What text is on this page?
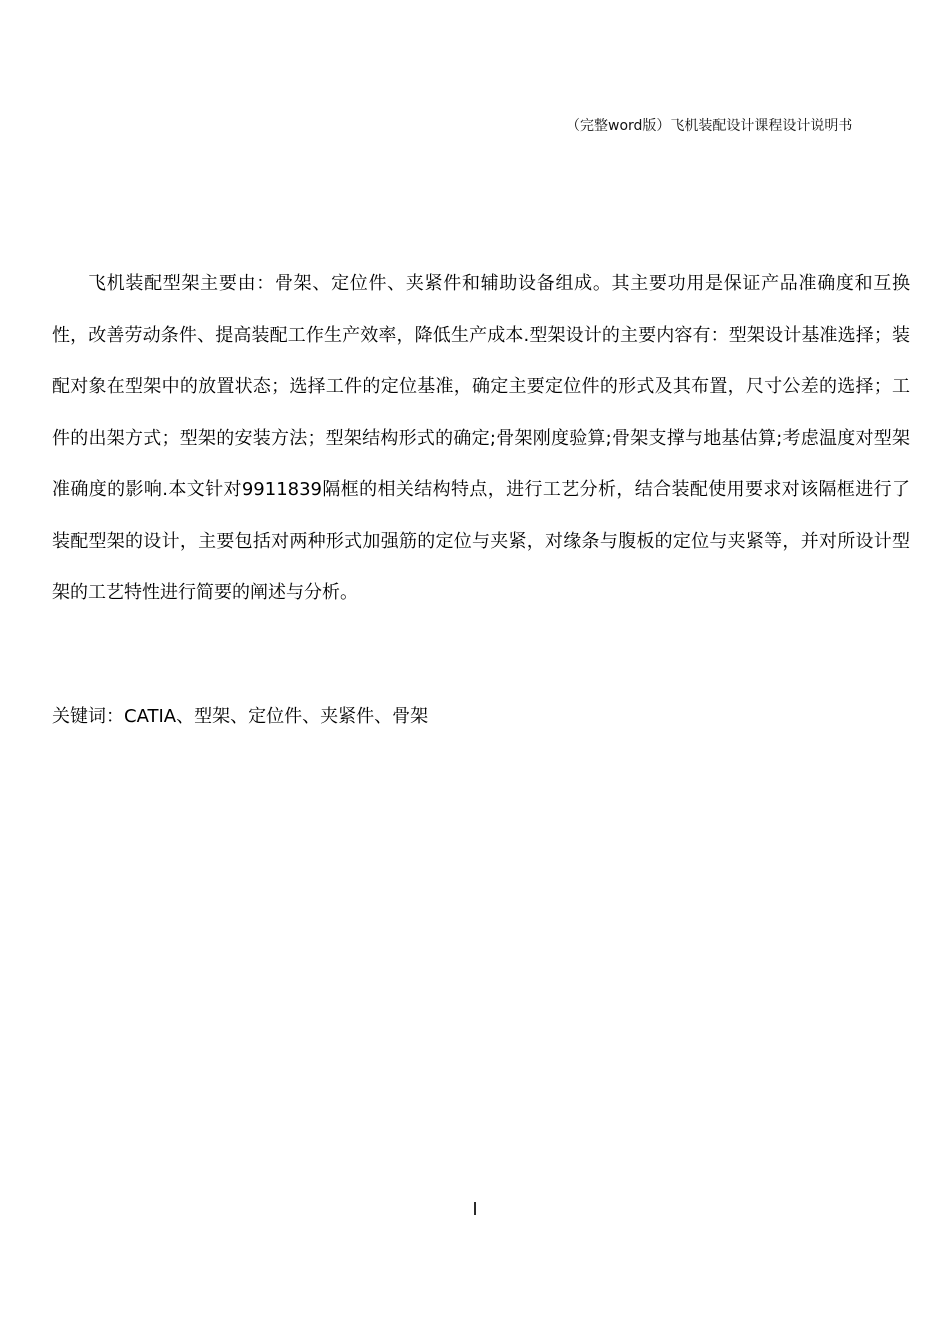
（完整word版）飞机装配设计课程设计说明书

飞机装配型架主要由：骨架、定位件、夹紧件和辅助设备组成。其主要功用是保证产品准确度和互换性，改善劳动条件、提高装配工作生产效率，降低生产成本.型架设计的主要内容有：型架设计基准选择；装配对象在型架中的放置状态；选择工件的定位基准，确定主要定位件的形式及其布置，尺寸公差的选择；工件的出架方式；型架的安装方法；型架结构形式的确定;骨架刚度验算;骨架支撑与地基估算;考虑温度对型架准确度的影响.本文针对9911839隔框的相关结构特点，进行工艺分析，结合装配使用要求对该隔框进行了装配型架的设计，主要包括对两种形式加强筋的定位与夹紧，对缘条与腹板的定位与夹紧等，并对所设计型架的工艺特性进行简要的阐述与分析。

关键词：CATIA、型架、定位件、夹紧件、骨架
I
